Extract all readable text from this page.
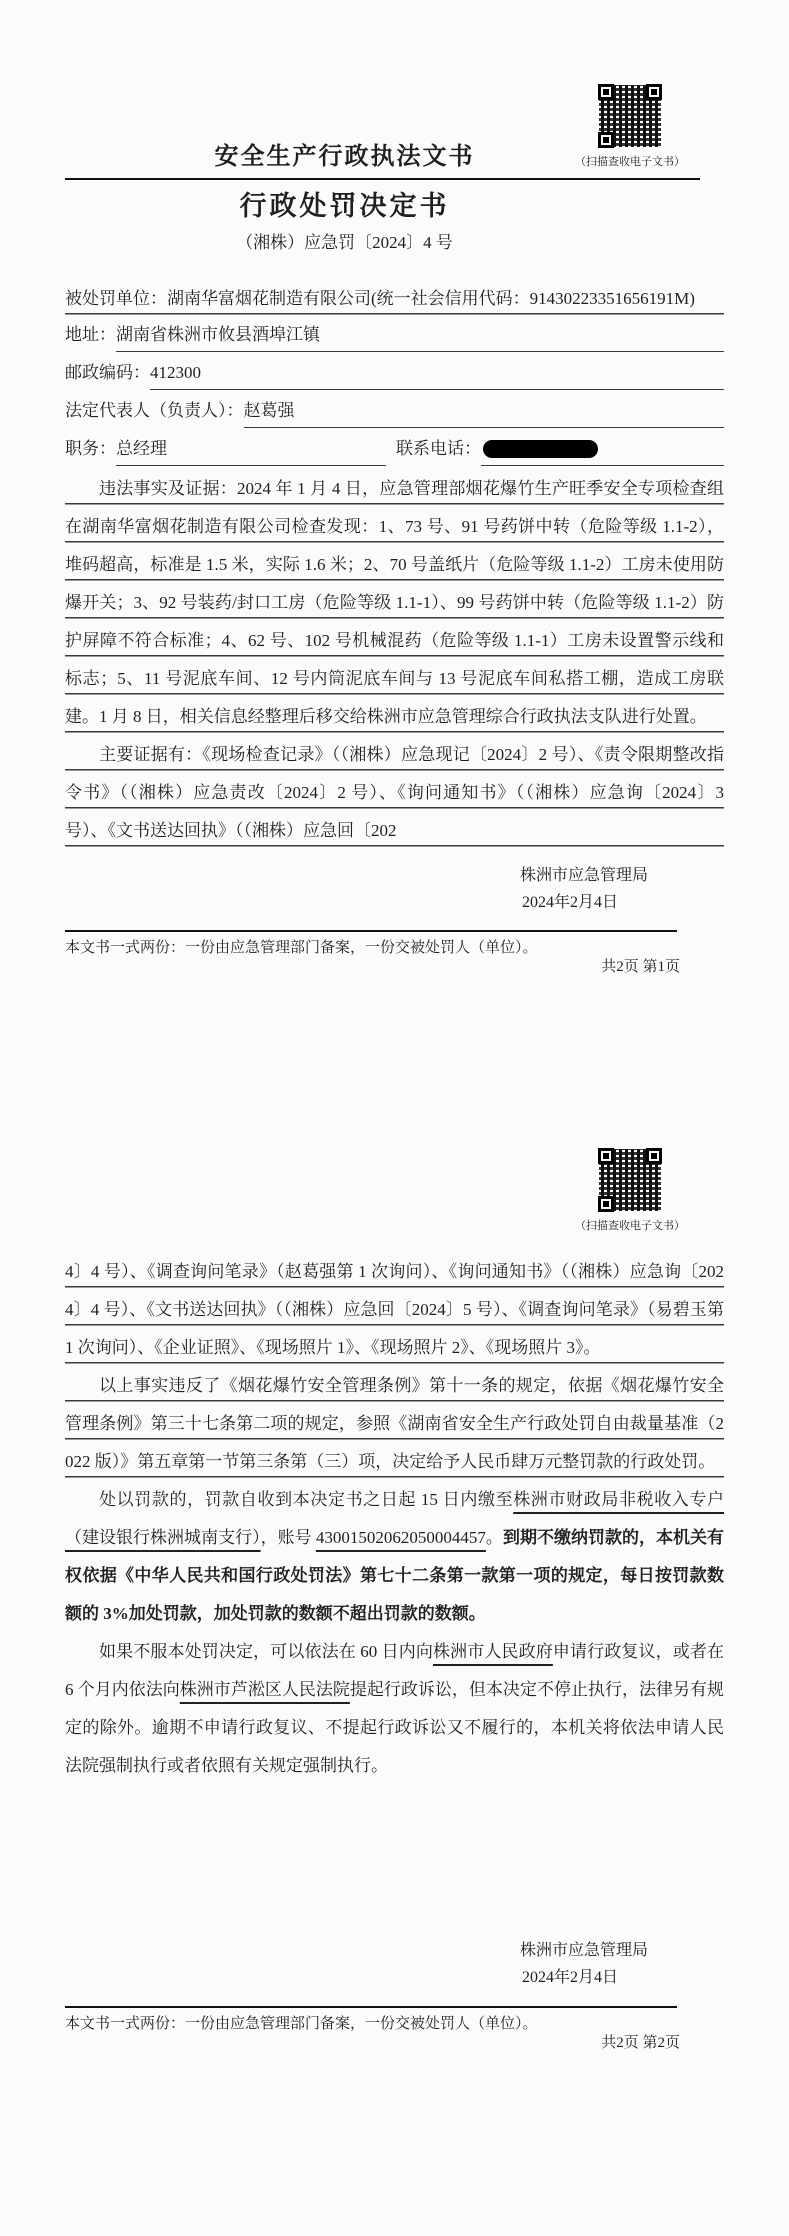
（扫描查收电子文书）
安全生产行政执法文书
行政处罚决定书
（湘株）应急罚〔2024〕4 号
被处罚单位：湖南华富烟花制造有限公司(统一社会信用代码：91430223351656191M)
地址： 湖南省株洲市攸县酒埠江镇
邮政编码： 412300
法定代表人（负责人）： 赵葛强
职务： 总经理	联系电话：
违法事实及证据：2024 年 1 月 4 日，应急管理部烟花爆竹生产旺季安全专项检查组在湖南华富烟花制造有限公司检查发现：1、73 号、91 号药饼中转（危险等级 1.1-2），堆码超高，标准是 1.5 米，实际 1.6 米；2、70 号盖纸片（危险等级 1.1-2）工房未使用防爆开关；3、92 号装药/封口工房（危险等级 1.1-1）、99 号药饼中转（危险等级 1.1-2）防护屏障不符合标准；4、62 号、102 号机械混药（危险等级 1.1-1）工房未设置警示线和标志；5、11 号泥底车间、12 号内筒泥底车间与 13 号泥底车间私搭工棚，造成工房联建。1 月 8 日，相关信息经整理后移交给株洲市应急管理综合行政执法支队进行处置。
主要证据有：《现场检查记录》（（湘株）应急现记〔2024〕2 号）、《责令限期整改指令书》（（湘株）应急责改〔2024〕2 号）、《询问通知书》（（湘株）应急询〔2024〕3 号）、《文书送达回执》（（湘株）应急回〔202
株洲市应急管理局
2024年2月4日
本文书一式两份：一份由应急管理部门备案，一份交被处罚人（单位）。
共2页 第1页
（扫描查收电子文书）
4〕4 号）、《调查询问笔录》（赵葛强第 1 次询问）、《询问通知书》（（湘株）应急询〔2024〕4 号）、《文书送达回执》（（湘株）应急回〔2024〕5 号）、《调查询问笔录》（易碧玉第 1 次询问）、《企业证照》、《现场照片 1》、《现场照片 2》、《现场照片 3》。
以上事实违反了《烟花爆竹安全管理条例》第十一条的规定，依据《烟花爆竹安全管理条例》第三十七条第二项的规定，参照《湖南省安全生产行政处罚自由裁量基准（2022 版）》第五章第一节第三条第（三）项，决定给予人民币肆万元整罚款的行政处罚。

处以罚款的，罚款自收到本决定书之日起 15 日内缴至株洲市财政局非税收入专户（建设银行株洲城南支行），账号 43001502062050004457。到期不缴纳罚款的，本机关有权依据《中华人民共和国行政处罚法》第七十二条第一款第一项的规定，每日按罚款数额的 3%加处罚款，加处罚款的数额不超出罚款的数额。

如果不服本处罚决定，可以依法在 60 日内向株洲市人民政府申请行政复议，或者在 6 个月内依法向株洲市芦淞区人民法院提起行政诉讼，但本决定不停止执行，法律另有规定的除外。逾期不申请行政复议、不提起行政诉讼又不履行的，本机关将依法申请人民法院强制执行或者依照有关规定强制执行。

株洲市应急管理局
2024年2月4日
本文书一式两份：一份由应急管理部门备案，一份交被处罚人（单位）。
共2页 第2页
